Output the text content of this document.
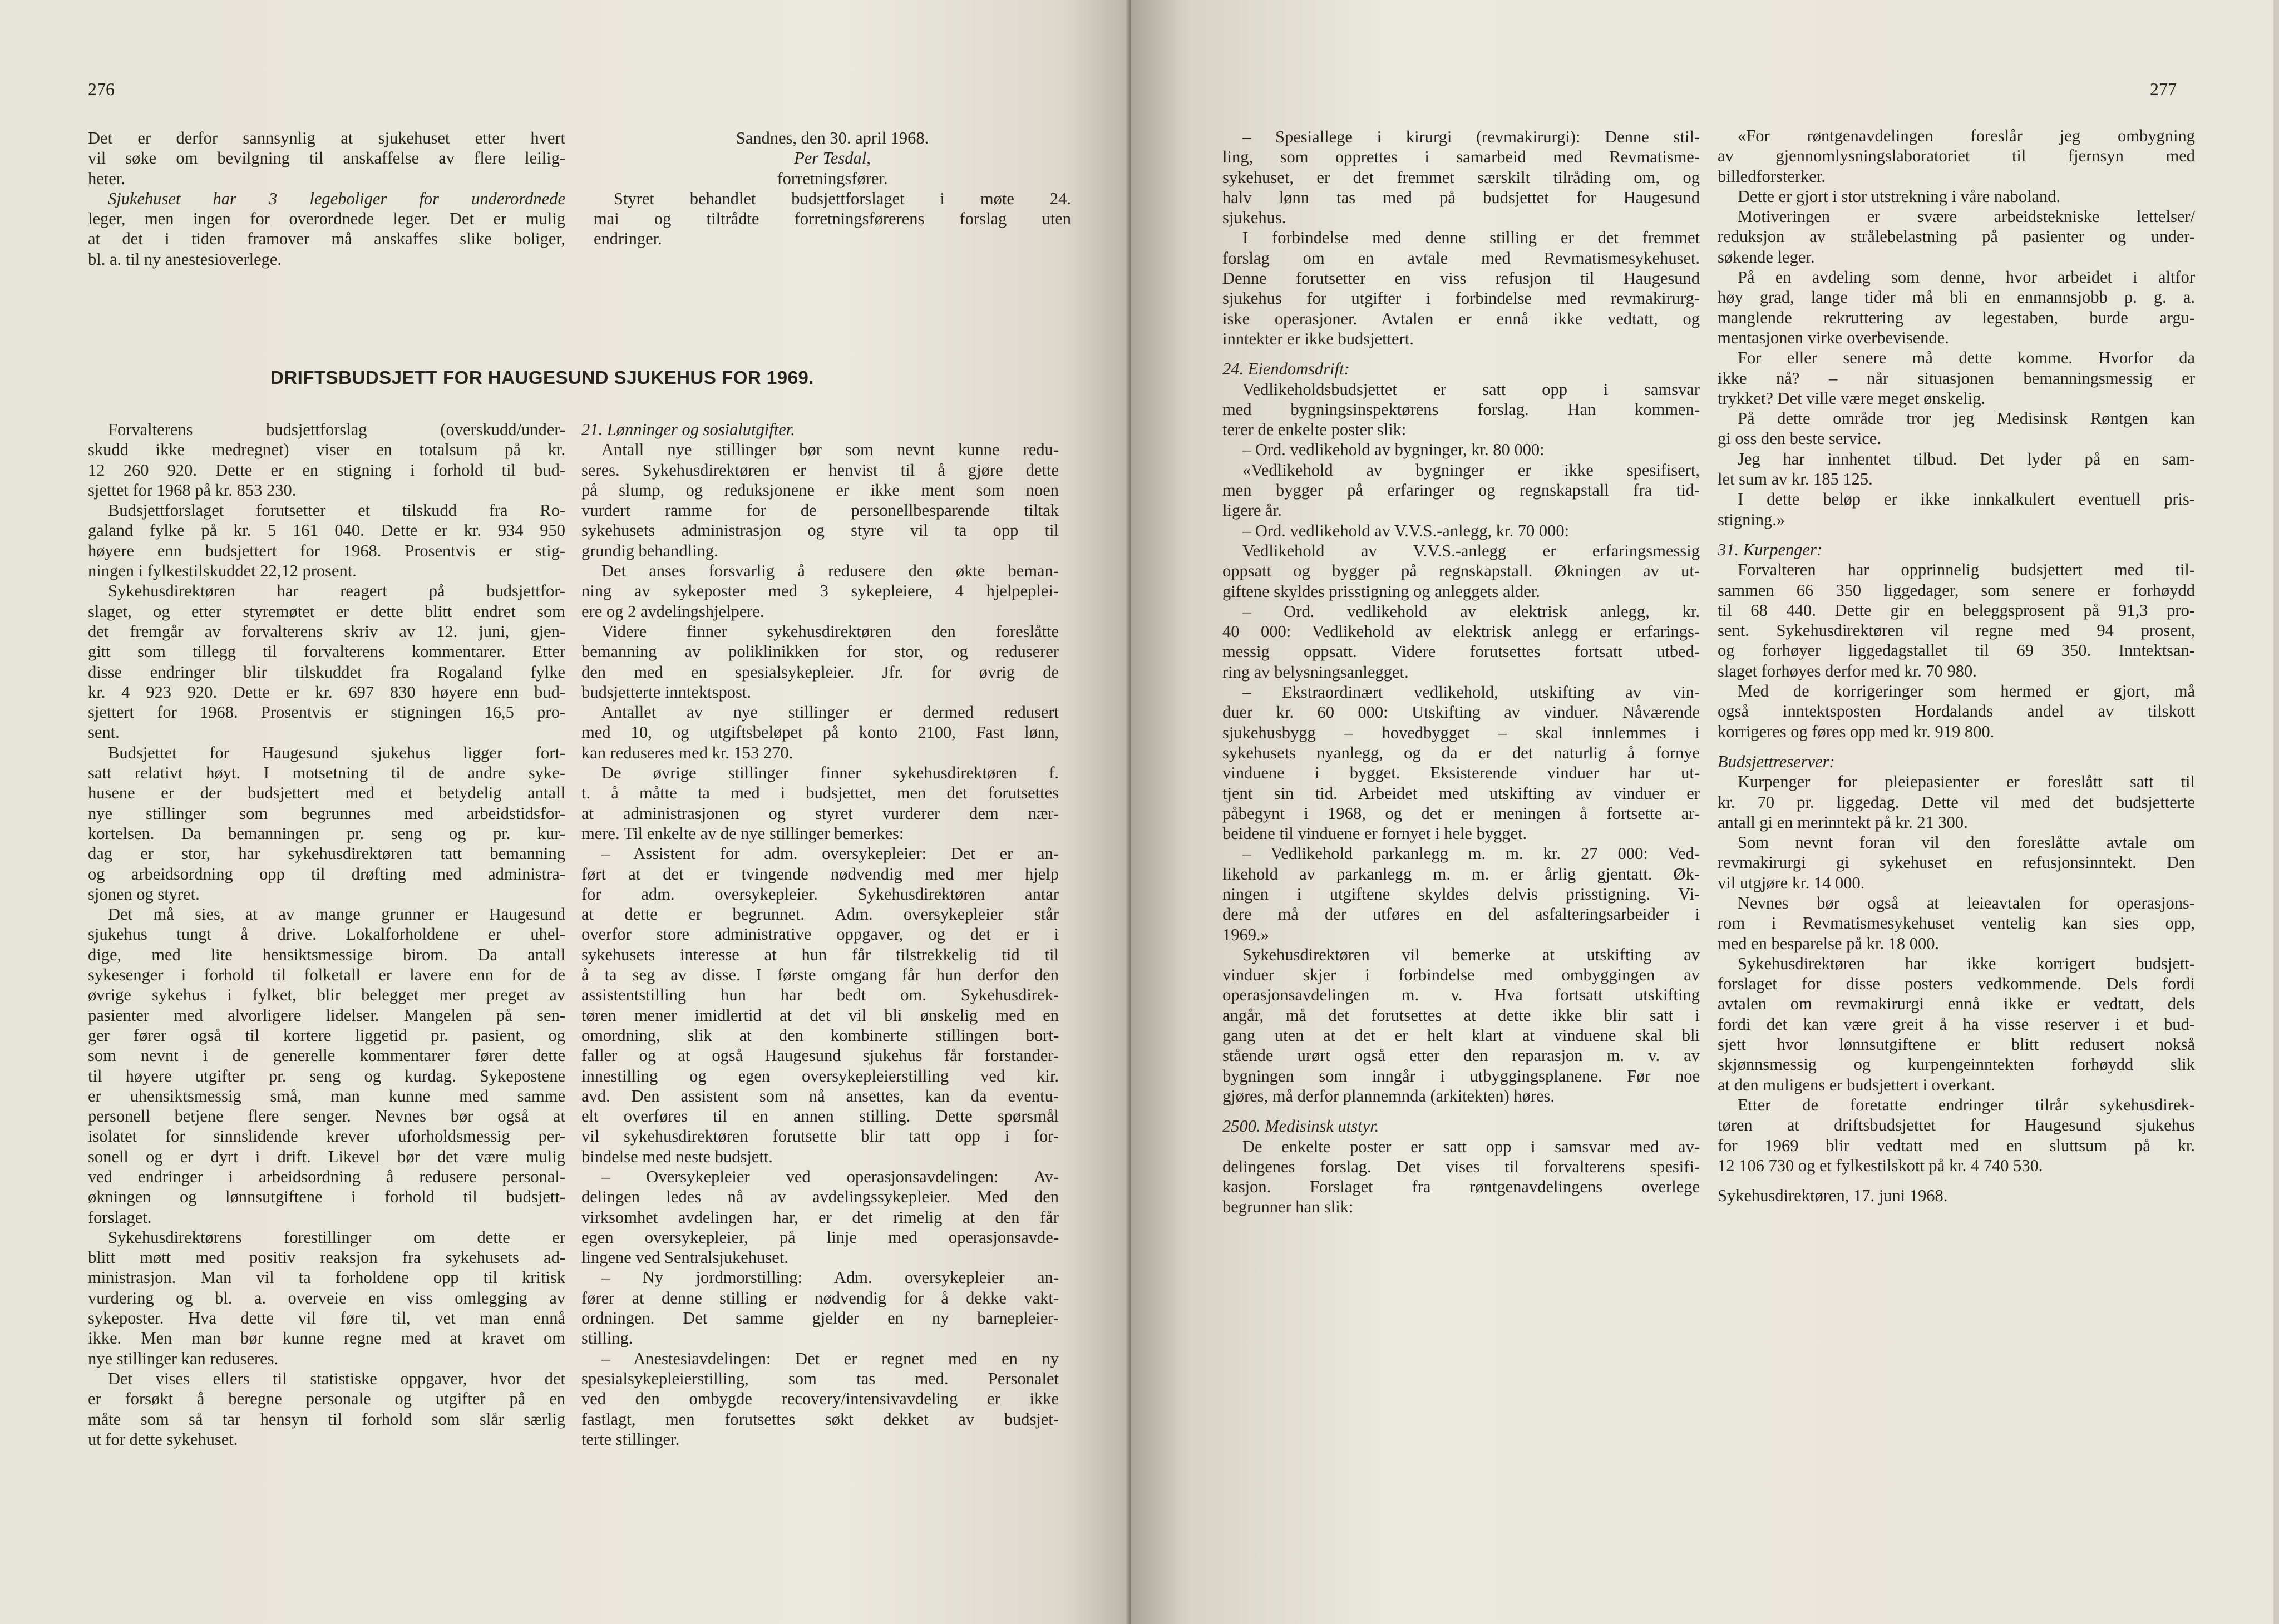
276
Det er derfor sannsynlig at sjukehuset etter hvert
vil søke om bevilgning til anskaffelse av flere leilig-
heter.
Sjukehuset har 3 legeboliger for underordnede
leger, men ingen for overordnede leger. Det er mulig
at det i tiden framover må anskaffes slike boliger,
bl. a. til ny anestesioverlege.
Sandnes, den 30. april 1968.
Per Tesdal,
forretningsfører.
Styret behandlet budsjettforslaget i møte 24.
mai og tiltrådte forretningsførerens forslag uten
endringer.
DRIFTSBUDSJETT FOR HAUGESUND SJUKEHUS FOR 1969.
Forvalterens budsjettforslag (overskudd/under-
skudd ikke medregnet) viser en totalsum på kr.
12 260 920. Dette er en stigning i forhold til bud-
sjettet for 1968 på kr. 853 230.
Budsjettforslaget forutsetter et tilskudd fra Ro-
galand fylke på kr. 5 161 040. Dette er kr. 934 950
høyere enn budsjettert for 1968. Prosentvis er stig-
ningen i fylkestilskuddet 22,12 prosent.
Sykehusdirektøren har reagert på budsjettfor-
slaget, og etter styremøtet er dette blitt endret som
det fremgår av forvalterens skriv av 12. juni, gjen-
gitt som tillegg til forvalterens kommentarer. Etter
disse endringer blir tilskuddet fra Rogaland fylke
kr. 4 923 920. Dette er kr. 697 830 høyere enn bud-
sjettert for 1968. Prosentvis er stigningen 16,5 pro-
sent.
Budsjettet for Haugesund sjukehus ligger fort-
satt relativt høyt. I motsetning til de andre syke-
husene er der budsjettert med et betydelig antall
nye stillinger som begrunnes med arbeidstidsfor-
kortelsen. Da bemanningen pr. seng og pr. kur-
dag er stor, har sykehusdirektøren tatt bemanning
og arbeidsordning opp til drøfting med administra-
sjonen og styret.
Det må sies, at av mange grunner er Haugesund
sjukehus tungt å drive. Lokalforholdene er uhel-
dige, med lite hensiktsmessige birom. Da antall
sykesenger i forhold til folketall er lavere enn for de
øvrige sykehus i fylket, blir belegget mer preget av
pasienter med alvorligere lidelser. Mangelen på sen-
ger fører også til kortere liggetid pr. pasient, og
som nevnt i de generelle kommentarer fører dette
til høyere utgifter pr. seng og kurdag. Sykepostene
er uhensiktsmessig små, man kunne med samme
personell betjene flere senger. Nevnes bør også at
isolatet for sinnslidende krever uforholdsmessig per-
sonell og er dyrt i drift. Likevel bør det være mulig
ved endringer i arbeidsordning å redusere personal-
økningen og lønnsutgiftene i forhold til budsjett-
forslaget.
Sykehusdirektørens forestillinger om dette er
blitt møtt med positiv reaksjon fra sykehusets ad-
ministrasjon. Man vil ta forholdene opp til kritisk
vurdering og bl. a. overveie en viss omlegging av
sykeposter. Hva dette vil føre til, vet man ennå
ikke. Men man bør kunne regne med at kravet om
nye stillinger kan reduseres.
Det vises ellers til statistiske oppgaver, hvor det
er forsøkt å beregne personale og utgifter på en
måte som så tar hensyn til forhold som slår særlig
ut for dette sykehuset.
21. Lønninger og sosialutgifter.
Antall nye stillinger bør som nevnt kunne redu-
seres. Sykehusdirektøren er henvist til å gjøre dette
på slump, og reduksjonene er ikke ment som noen
vurdert ramme for de personellbesparende tiltak
sykehusets administrasjon og styre vil ta opp til
grundig behandling.
Det anses forsvarlig å redusere den økte beman-
ning av sykeposter med 3 sykepleiere, 4 hjelpeplei-
ere og 2 avdelingshjelpere.
Videre finner sykehusdirektøren den foreslåtte
bemanning av poliklinikken for stor, og reduserer
den med en spesialsykepleier. Jfr. for øvrig de
budsjetterte inntektspost.
Antallet av nye stillinger er dermed redusert
med 10, og utgiftsbeløpet på konto 2100, Fast lønn,
kan reduseres med kr. 153 270.
De øvrige stillinger finner sykehusdirektøren f.
t. å måtte ta med i budsjettet, men det forutsettes
at administrasjonen og styret vurderer dem nær-
mere. Til enkelte av de nye stillinger bemerkes:
– Assistent for adm. oversykepleier: Det er an-
ført at det er tvingende nødvendig med mer hjelp
for adm. oversykepleier. Sykehusdirektøren antar
at dette er begrunnet. Adm. oversykepleier står
overfor store administrative oppgaver, og det er i
sykehusets interesse at hun får tilstrekkelig tid til
å ta seg av disse. I første omgang får hun derfor den
assistentstilling hun har bedt om. Sykehusdirek-
tøren mener imidlertid at det vil bli ønskelig med en
omordning, slik at den kombinerte stillingen bort-
faller og at også Haugesund sjukehus får forstander-
innestilling og egen oversykepleierstilling ved kir.
avd. Den assistent som nå ansettes, kan da eventu-
elt overføres til en annen stilling. Dette spørsmål
vil sykehusdirektøren forutsette blir tatt opp i for-
bindelse med neste budsjett.
– Oversykepleier ved operasjonsavdelingen: Av-
delingen ledes nå av avdelingssykepleier. Med den
virksomhet avdelingen har, er det rimelig at den får
egen oversykepleier, på linje med operasjonsavde-
lingene ved Sentralsjukehuset.
– Ny jordmorstilling: Adm. oversykepleier an-
fører at denne stilling er nødvendig for å dekke vakt-
ordningen. Det samme gjelder en ny barnepleier-
stilling.
– Anestesiavdelingen: Det er regnet med en ny
spesialsykepleierstilling, som tas med. Personalet
ved den ombygde recovery/intensivavdeling er ikke
fastlagt, men forutsettes søkt dekket av budsjet-
terte stillinger.
277
– Spesiallege i kirurgi (revmakirurgi): Denne stil-
ling, som opprettes i samarbeid med Revmatisme-
sykehuset, er det fremmet særskilt tilråding om, og
halv lønn tas med på budsjettet for Haugesund
sjukehus.
I forbindelse med denne stilling er det fremmet
forslag om en avtale med Revmatismesykehuset.
Denne forutsetter en viss refusjon til Haugesund
sjukehus for utgifter i forbindelse med revmakirurg-
iske operasjoner. Avtalen er ennå ikke vedtatt, og
inntekter er ikke budsjettert.
24. Eiendomsdrift:
Vedlikeholdsbudsjettet er satt opp i samsvar
med bygningsinspektørens forslag. Han kommen-
terer de enkelte poster slik:
– Ord. vedlikehold av bygninger, kr. 80 000:
«Vedlikehold av bygninger er ikke spesifisert,
men bygger på erfaringer og regnskapstall fra tid-
ligere år.
– Ord. vedlikehold av V.V.S.-anlegg, kr. 70 000:
Vedlikehold av V.V.S.-anlegg er erfaringsmessig
oppsatt og bygger på regnskapstall. Økningen av ut-
giftene skyldes prisstigning og anleggets alder.
– Ord. vedlikehold av elektrisk anlegg, kr.
40 000: Vedlikehold av elektrisk anlegg er erfarings-
messig oppsatt. Videre forutsettes fortsatt utbed-
ring av belysningsanlegget.
– Ekstraordinært vedlikehold, utskifting av vin-
duer kr. 60 000: Utskifting av vinduer. Nåværende
sjukehusbygg – hovedbygget – skal innlemmes i
sykehusets nyanlegg, og da er det naturlig å fornye
vinduene i bygget. Eksisterende vinduer har ut-
tjent sin tid. Arbeidet med utskifting av vinduer er
påbegynt i 1968, og det er meningen å fortsette ar-
beidene til vinduene er fornyet i hele bygget.
– Vedlikehold parkanlegg m. m. kr. 27 000: Ved-
likehold av parkanlegg m. m. er årlig gjentatt. Øk-
ningen i utgiftene skyldes delvis prisstigning. Vi-
dere må der utføres en del asfalteringsarbeider i
1969.»
Sykehusdirektøren vil bemerke at utskifting av
vinduer skjer i forbindelse med ombyggingen av
operasjonsavdelingen m. v. Hva fortsatt utskifting
angår, må det forutsettes at dette ikke blir satt i
gang uten at det er helt klart at vinduene skal bli
stående urørt også etter den reparasjon m. v. av
bygningen som inngår i utbyggingsplanene. Før noe
gjøres, må derfor plannemnda (arkitekten) høres.
2500. Medisinsk utstyr.
De enkelte poster er satt opp i samsvar med av-
delingenes forslag. Det vises til forvalterens spesifi-
kasjon. Forslaget fra røntgenavdelingens overlege
begrunner han slik:
«For røntgenavdelingen foreslår jeg ombygning
av gjennomlysningslaboratoriet til fjernsyn med
billedforsterker.
Dette er gjort i stor utstrekning i våre naboland.
Motiveringen er svære arbeidstekniske lettelser/
reduksjon av strålebelastning på pasienter og under-
søkende leger.
På en avdeling som denne, hvor arbeidet i altfor
høy grad, lange tider må bli en enmannsjobb p. g. a.
manglende rekruttering av legestaben, burde argu-
mentasjonen virke overbevisende.
For eller senere må dette komme. Hvorfor da
ikke nå? – når situasjonen bemanningsmessig er
trykket? Det ville være meget ønskelig.
På dette område tror jeg Medisinsk Røntgen kan
gi oss den beste service.
Jeg har innhentet tilbud. Det lyder på en sam-
let sum av kr. 185 125.
I dette beløp er ikke innkalkulert eventuell pris-
stigning.»
31. Kurpenger:
Forvalteren har opprinnelig budsjettert med til-
sammen 66 350 liggedager, som senere er forhøydd
til 68 440. Dette gir en beleggsprosent på 91,3 pro-
sent. Sykehusdirektøren vil regne med 94 prosent,
og forhøyer liggedagstallet til 69 350. Inntektsan-
slaget forhøyes derfor med kr. 70 980.
Med de korrigeringer som hermed er gjort, må
også inntektsposten Hordalands andel av tilskott
korrigeres og føres opp med kr. 919 800.
Budsjettreserver:
Kurpenger for pleiepasienter er foreslått satt til
kr. 70 pr. liggedag. Dette vil med det budsjetterte
antall gi en merinntekt på kr. 21 300.
Som nevnt foran vil den foreslåtte avtale om
revmakirurgi gi sykehuset en refusjonsinntekt. Den
vil utgjøre kr. 14 000.
Nevnes bør også at leieavtalen for operasjons-
rom i Revmatismesykehuset ventelig kan sies opp,
med en besparelse på kr. 18 000.
Sykehusdirektøren har ikke korrigert budsjett-
forslaget for disse posters vedkommende. Dels fordi
avtalen om revmakirurgi ennå ikke er vedtatt, dels
fordi det kan være greit å ha visse reserver i et bud-
sjett hvor lønnsutgiftene er blitt redusert nokså
skjønnsmessig og kurpengeinntekten forhøydd slik
at den muligens er budsjettert i overkant.
Etter de foretatte endringer tilrår sykehusdirek-
tøren at driftsbudsjettet for Haugesund sjukehus
for 1969 blir vedtatt med en sluttsum på kr.
12 106 730 og et fylkestilskott på kr. 4 740 530.
Sykehusdirektøren, 17. juni 1968.
